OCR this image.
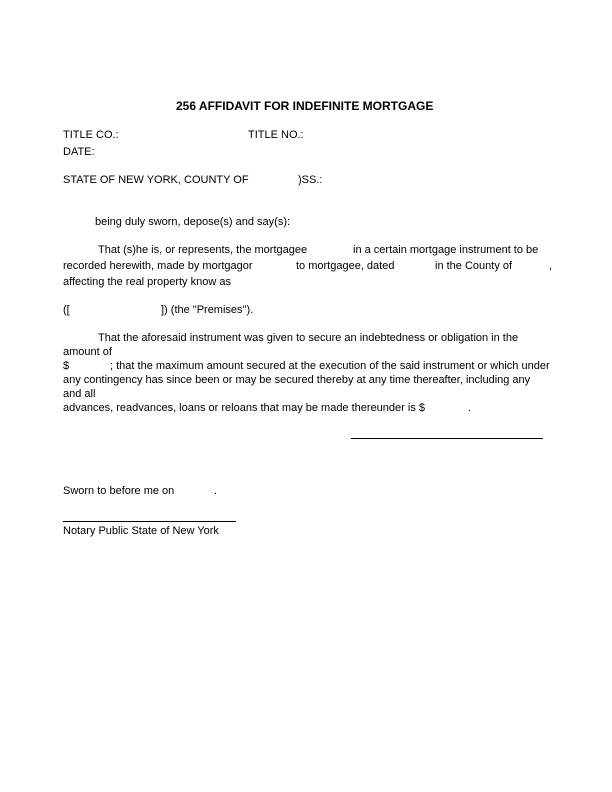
256 AFFIDAVIT FOR INDEFINITE MORTGAGE
TITLE CO.:	TITLE NO.:
DATE:
STATE OF NEW YORK, COUNTY OF	)SS.:
being duly sworn, depose(s) and say(s):
That (s)he is, or represents, the mortgagee	in a certain mortgage instrument to be
recorded herewith, made by mortgagor	to mortgagee, dated	in the County of	,
affecting the real property know as
([	]) (the "Premises").
That the aforesaid instrument was given to secure an indebtedness or obligation in the
amount of
$	; that the maximum amount secured at the execution of the said instrument or which under
any contingency has since been or may be secured thereby at any time thereafter, including any
and all
advances, readvances, loans or reloans that may be made thereunder is $	.
Sworn to before me on	.
Notary Public State of New York
